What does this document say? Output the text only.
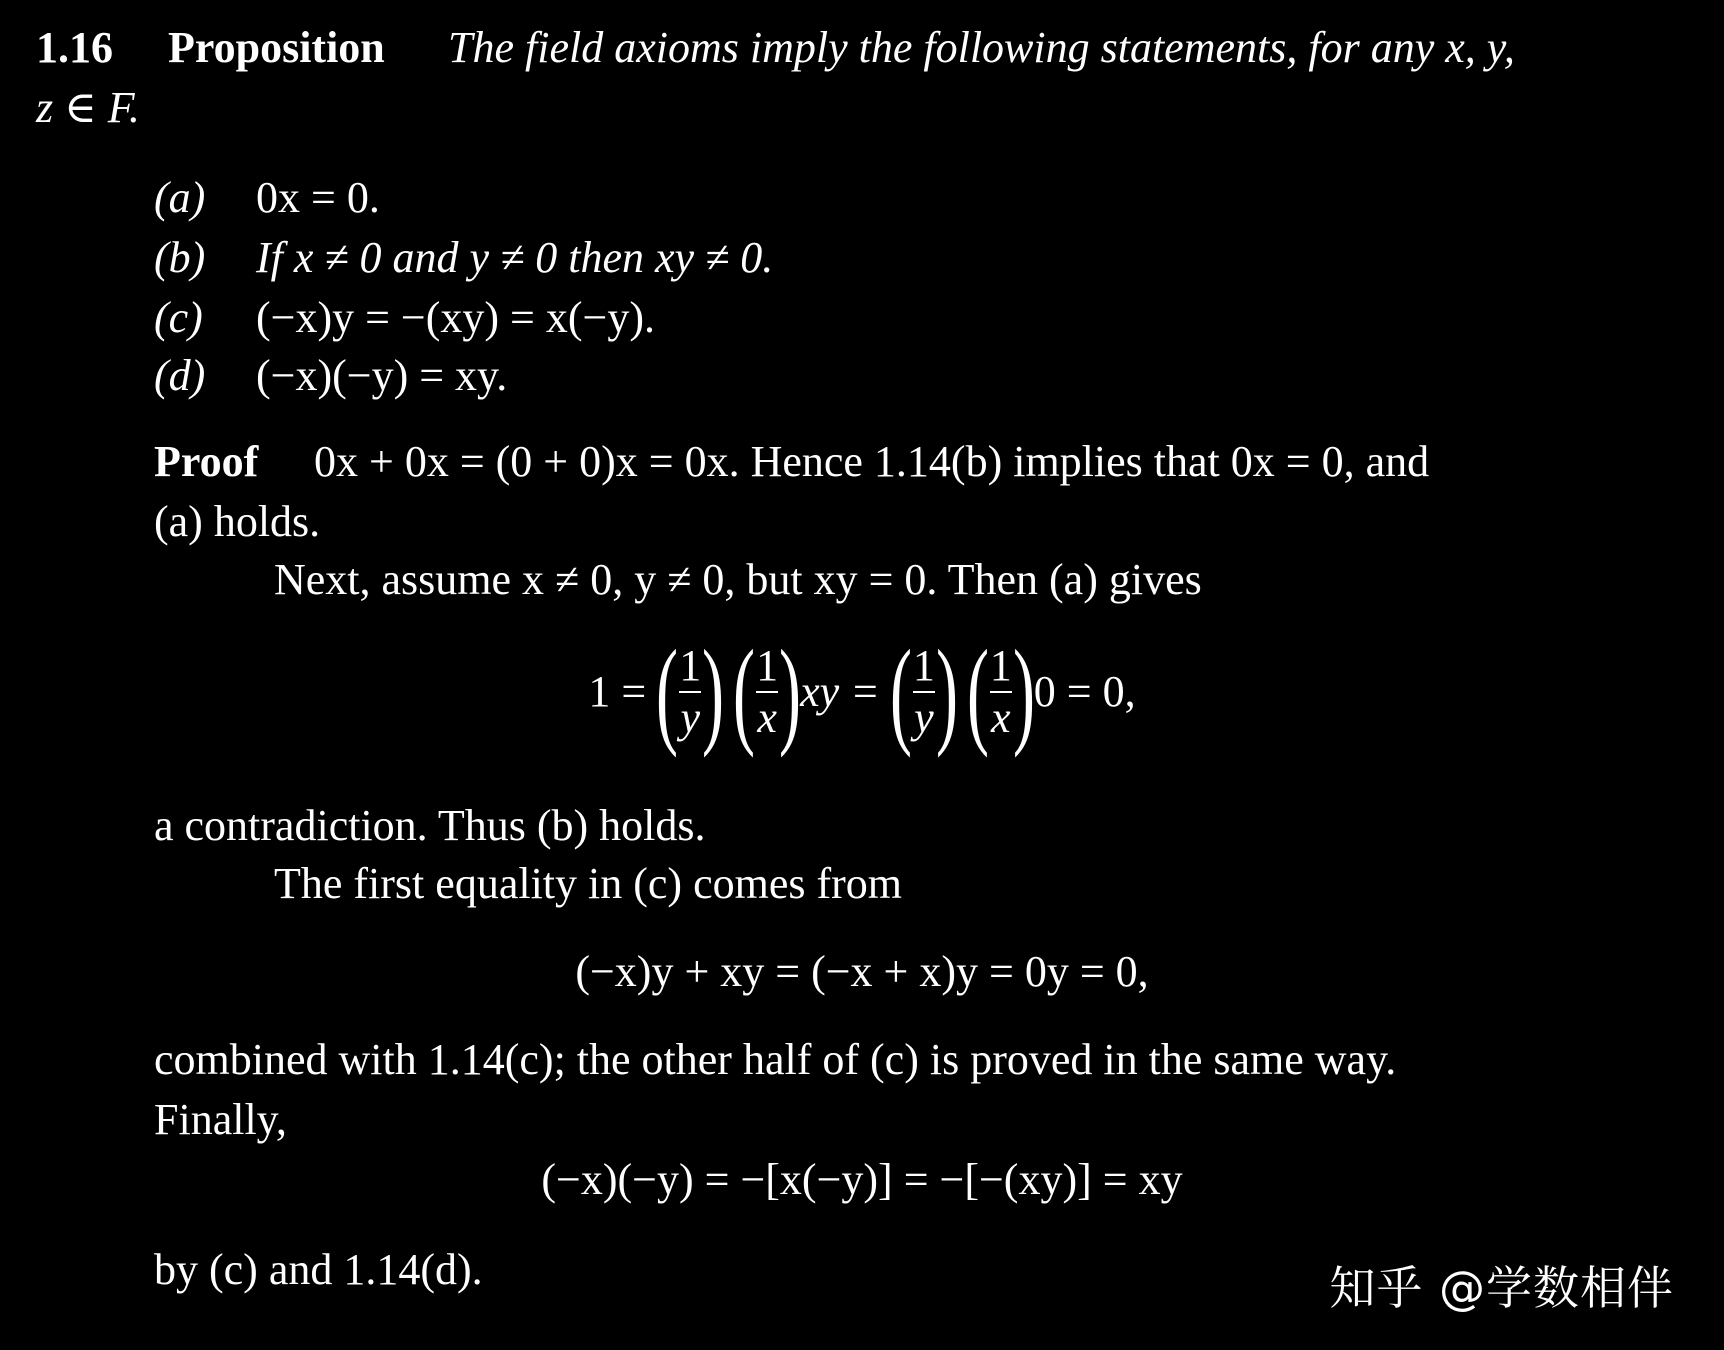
1.16 Proposition The field axioms imply the following statements, for any x, y,
z ∈ F.
(a) 0x = 0.
(b) If x ≠ 0 and y ≠ 0 then xy ≠ 0.
(c) (−x)y = −(xy) = x(−y).
(d) (−x)(−y) = xy.
Proof 0x + 0x = (0 + 0)x = 0x. Hence 1.14(b) implies that 0x = 0, and
(a) holds.
Next, assume x ≠ 0, y ≠ 0, but xy = 0. Then (a) gives
1 = ( $\frac{1}{y}$ ) ( $\frac{1}{x} )xy$ = ( $\frac{1}{y}$ ) ( $\frac{1}{x} )0 = 0$,
a contradiction. Thus (b) holds.
The first equality in (c) comes from
(−x)y + xy = (−x + x)y = 0y = 0,
combined with 1.14(c); the other half of (c) is proved in the same way.
Finally,
(−x)(−y) = −[x(−y)] = −[−(xy)] = xy
by (c) and 1.14(d).	知乎 @学数相伴
